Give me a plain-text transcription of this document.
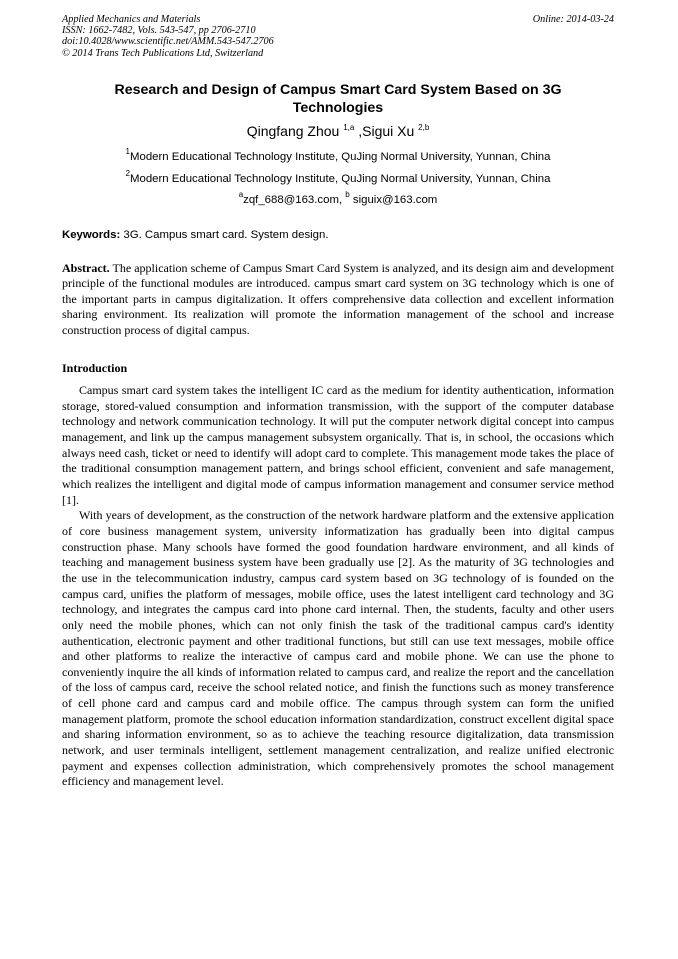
Applied Mechanics and Materials
ISSN: 1662-7482, Vols. 543-547, pp 2706-2710
doi:10.4028/www.scientific.net/AMM.543-547.2706
© 2014 Trans Tech Publications Ltd, Switzerland
Online: 2014-03-24
Research and Design of Campus Smart Card System Based on 3G
Technologies
Qingfang Zhou $^{1,a}$ ,Sigui Xu $^{2,b}$
$^1$Modern Educational Technology Institute, QuJing Normal University, Yunnan, China
$^2$Modern Educational Technology Institute, QuJing Normal University, Yunnan, China
$^a$zqf_688@163.com, $^b$ siguix@163.com
Keywords: 3G. Campus smart card. System design.
Abstract. The application scheme of Campus Smart Card System is analyzed, and its design aim and development principle of the functional modules are introduced. campus smart card system on 3G technology which is one of the important parts in campus digitalization. It offers comprehensive data collection and excellent information sharing environment. Its realization will promote the information management of the school and increase construction process of digital campus.
Introduction

Campus smart card system takes the intelligent IC card as the medium for identity authentication, information storage, stored-valued consumption and information transmission, with the support of the computer database technology and network communication technology. It will put the computer network digital concept into campus management, and link up the campus management subsystem organically. That is, in school, the occasions which always need cash, ticket or need to identify will adopt card to complete. This management mode takes the place of the traditional consumption management pattern, and brings school efficient, convenient and safe management, which realizes the intelligent and digital mode of campus information management and consumer service method [1].

With years of development, as the construction of the network hardware platform and the extensive application of core business management system, university informatization has gradually been into digital campus construction phase. Many schools have formed the good foundation hardware environment, and all kinds of teaching and management business system have been gradually use [2]. As the maturity of 3G technologies and the use in the telecommunication industry, campus card system based on 3G technology of is founded on the campus card, unifies the platform of messages, mobile office, uses the latest intelligent card technology and 3G technology, and integrates the campus card into phone card internal. Then, the students, faculty and other users only need the mobile phones, which can not only finish the task of the traditional campus card's identity authentication, electronic payment and other traditional functions, but still can use text messages, mobile office and other platforms to realize the interactive of campus card and mobile phone. We can use the phone to conveniently inquire the all kinds of information related to campus card, and realize the report and the cancellation of the loss of campus card, receive the school related notice, and finish the functions such as money transference of cell phone card and campus card and mobile office. The campus through system can form the unified management platform, promote the school education information standardization, construct excellent digital space and sharing information environment, so as to achieve the teaching resource digitalization, data transmission network, and user terminals intelligent, settlement management centralization, and realize unified electronic payment and expenses collection administration, which comprehensively promotes the school management efficiency and management level.
